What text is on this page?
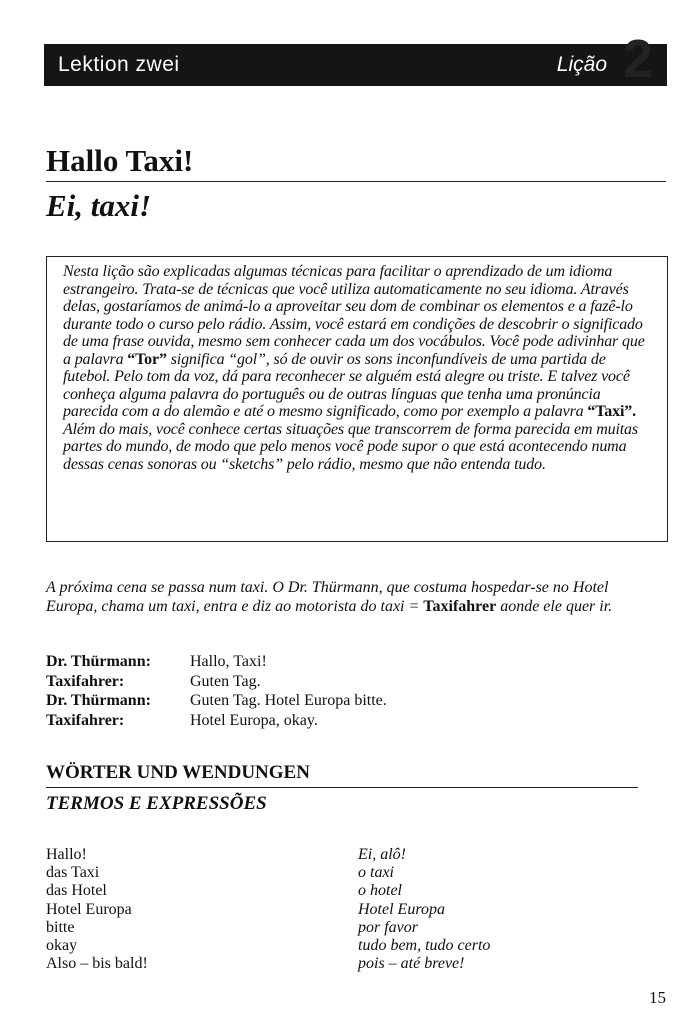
Lektion zwei	Lição 2
Hallo Taxi!
Ei, taxi!
Nesta lição são explicadas algumas técnicas para facilitar o aprendizado de um idioma estrangeiro. Trata-se de técnicas que você utiliza automaticamente no seu idioma. Através delas, gostaríamos de animá-lo a aproveitar seu dom de combinar os elementos e a fazê-lo durante todo o curso pelo rádio. Assim, você estará em condições de descobrir o significado de uma frase ouvida, mesmo sem conhecer cada um dos vocábulos. Você pode adivinhar que a palavra “Tor” significa “gol”, só de ouvir os sons inconfundíveis de uma partida de futebol. Pelo tom da voz, dá para reconhecer se alguém está alegre ou triste. E talvez você conheça alguma palavra do português ou de outras línguas que tenha uma pronúncia parecida com a do alemão e até o mesmo significado, como por exemplo a palavra “Taxi”. Além do mais, você conhece certas situações que transcorrem de forma parecida em muitas partes do mundo, de modo que pelo menos você pode supor o que está acontecendo numa dessas cenas sonoras ou “sketchs” pelo rádio, mesmo que não entenda tudo.
A próxima cena se passa num taxi. O Dr. Thürmann, que costuma hospedar-se no Hotel Europa, chama um taxi, entra e diz ao motorista do taxi = Taxifahrer aonde ele quer ir.
Dr. Thürmann:	Hallo, Taxi!
Taxifahrer:	Guten Tag.
Dr. Thürmann:	Guten Tag. Hotel Europa bitte.
Taxifahrer:	Hotel Europa, okay.
WÖRTER UND WENDUNGEN
TERMOS E EXPRESSÕES
Hallo!	Ei, alô!
das Taxi	o taxi
das Hotel	o hotel
Hotel Europa	Hotel Europa
bitte	por favor
okay	tudo bem, tudo certo
Also – bis bald!	pois – até breve!
15
